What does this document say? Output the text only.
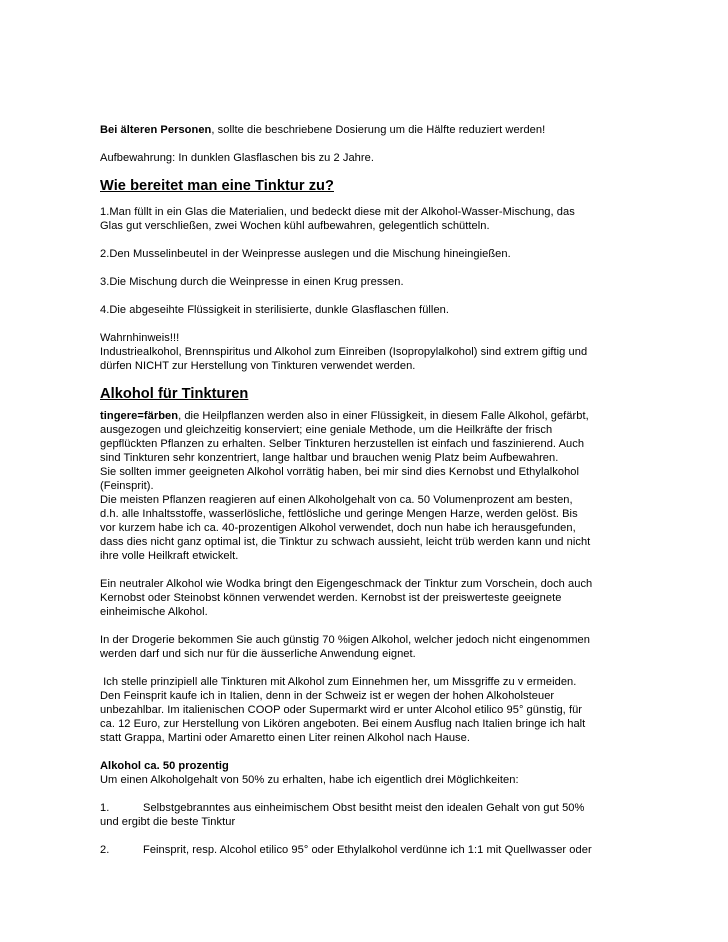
Bei älteren Personen, sollte die beschriebene Dosierung um die Hälfte reduziert werden!

Aufbewahrung: In dunklen Glasflaschen bis zu 2 Jahre.

Wie bereitet man eine Tinktur zu?

1.Man füllt in ein Glas die Materialien, und bedeckt diese mit der Alkohol-Wasser-Mischung, das

Glas gut verschließen, zwei Wochen kühl aufbewahren, gelegentlich schütteln.

2.Den Musselinbeutel in der Weinpresse auslegen und die Mischung hineingießen.

3.Die Mischung durch die Weinpresse in einen Krug pressen.

4.Die abgeseihte Flüssigkeit in sterilisierte, dunkle Glasflaschen füllen.

Wahrnhinweis!!!

Industriealkohol, Brennspiritus und Alkohol zum Einreiben (Isopropylalkohol) sind extrem giftig und

dürfen NICHT zur Herstellung von Tinkturen verwendet werden.

Alkohol für Tinkturen

tingere=färben, die Heilpflanzen werden also in einer Flüssigkeit, in diesem Falle Alkohol, gefärbt,

ausgezogen und gleichzeitig konserviert; eine geniale Methode, um die Heilkräfte der frisch

gepflückten Pflanzen zu erhalten. Selber Tinkturen herzustellen ist einfach und faszinierend. Auch

sind Tinkturen sehr konzentriert, lange haltbar und brauchen wenig Platz beim Aufbewahren.

Sie sollten immer geeigneten Alkohol vorrätig haben, bei mir sind dies Kernobst und Ethylalkohol

(Feinsprit).

Die meisten Pflanzen reagieren auf einen Alkoholgehalt von ca. 50 Volumenprozent am besten,

d.h. alle Inhaltsstoffe, wasserlösliche, fettlösliche und geringe Mengen Harze, werden gelöst. Bis

vor kurzem habe ich ca. 40-prozentigen Alkohol verwendet, doch nun habe ich herausgefunden,

dass dies nicht ganz optimal ist, die Tinktur zu schwach aussieht, leicht trüb werden kann und nicht

ihre volle Heilkraft etwickelt.

Ein neutraler Alkohol wie Wodka bringt den Eigengeschmack der Tinktur zum Vorschein, doch auch

Kernobst oder Steinobst können verwendet werden. Kernobst ist der preiswerteste geeignete

einheimische Alkohol.

In der Drogerie bekommen Sie auch günstig 70 %igen Alkohol, welcher jedoch nicht eingenommen

werden darf und sich nur für die äusserliche Anwendung eignet.

Ich stelle prinzipiell alle Tinkturen mit Alkohol zum Einnehmen her, um Missgriffe zu v ermeiden.

Den Feinsprit kaufe ich in Italien, denn in der Schweiz ist er wegen der hohen Alkoholsteuer

unbezahlbar. Im italienischen COOP oder Supermarkt wird er unter Alcohol etilico 95° günstig, für

ca. 12 Euro, zur Herstellung von Likören angeboten. Bei einem Ausflug nach Italien bringe ich halt

statt Grappa, Martini oder Amaretto einen Liter reinen Alkohol nach Hause.

Alkohol ca. 50 prozentig

Um einen Alkoholgehalt von 50% zu erhalten, habe ich eigentlich drei Möglichkeiten:

1.	Selbstgebranntes aus einheimischem Obst besitht meist den idealen Gehalt von gut 50%

und ergibt die beste Tinktur

2.	Feinsprit, resp. Alcohol etilico 95° oder Ethylalkohol verdünne ich 1:1 mit Quellwasser oder
